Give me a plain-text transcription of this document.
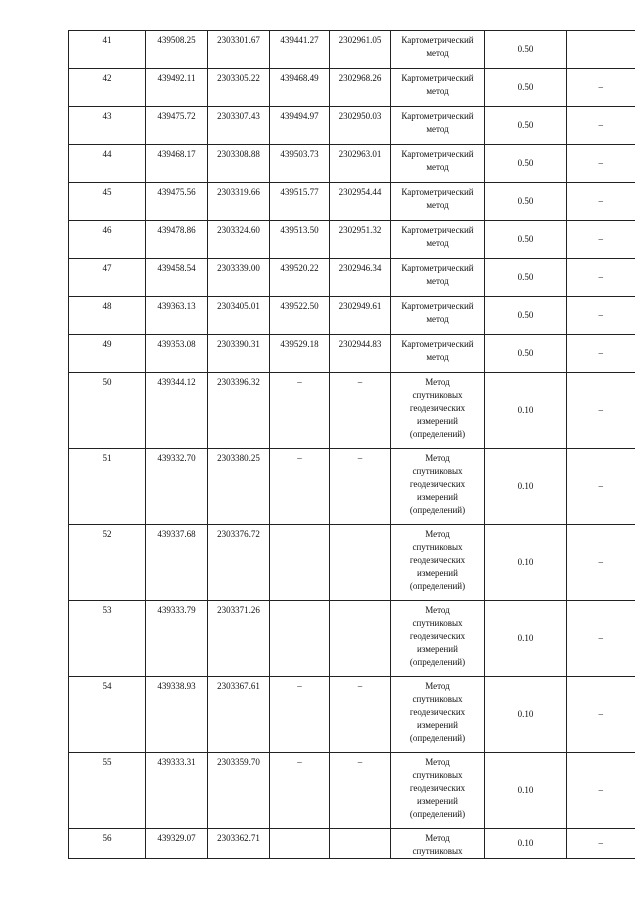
41	439508.25	2303301.67	439441.27	2302961.05	Картометрический
метод	0.50	
42	439492.11	2303305.22	439468.49	2302968.26	Картометрический
метод	0.50	–
43	439475.72	2303307.43	439494.97	2302950.03	Картометрический
метод	0.50	–
44	439468.17	2303308.88	439503.73	2302963.01	Картометрический
метод	0.50	–
45	439475.56	2303319.66	439515.77	2302954.44	Картометрический
метод	0.50	–
46	439478.86	2303324.60	439513.50	2302951.32	Картометрический
метод	0.50	–
47	439458.54	2303339.00	439520.22	2302946.34	Картометрический
метод	0.50	–
48	439363.13	2303405.01	439522.50	2302949.61	Картометрический
метод	0.50	–
49	439353.08	2303390.31	439529.18	2302944.83	Картометрический
метод	0.50	–
50	439344.12	2303396.32	–	–	Метод
спутниковых
геодезических
измерений
(определений)	0.10	–
51	439332.70	2303380.25	–	–	Метод
спутниковых
геодезических
измерений
(определений)	0.10	–
52	439337.68	2303376.72			Метод
спутниковых
геодезических
измерений
(определений)	0.10	–
53	439333.79	2303371.26			Метод
спутниковых
геодезических
измерений
(определений)	0.10	–
54	439338.93	2303367.61	–	–	Метод
спутниковых
геодезических
измерений
(определений)	0.10	–
55	439333.31	2303359.70	–	–	Метод
спутниковых
геодезических
измерений
(определений)	0.10	–
56	439329.07	2303362.71			Метод
спутниковых	0.10	–
